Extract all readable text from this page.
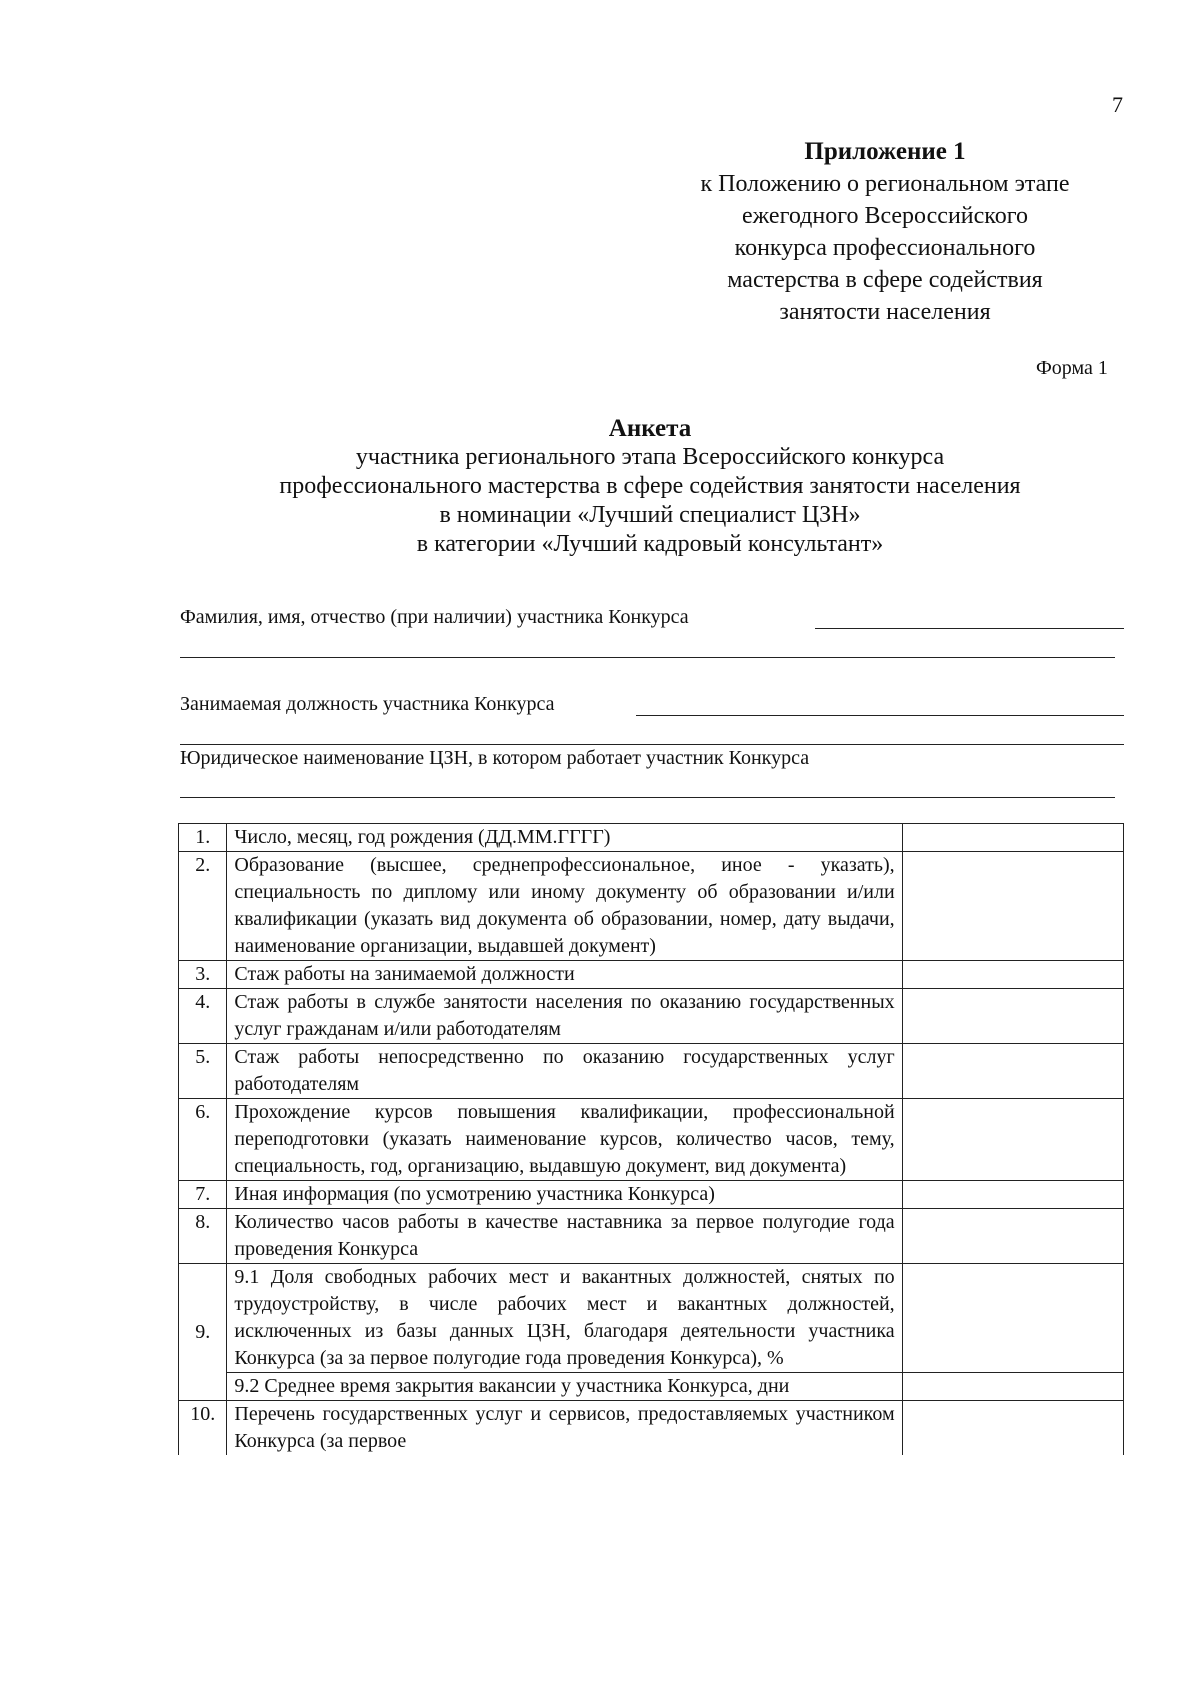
7
Приложение 1
к Положению о региональном этапе
ежегодного Всероссийского
конкурса профессионального
мастерства в сфере содействия
занятости населения
Форма 1
Анкета
участника регионального этапа Всероссийского конкурса
профессионального мастерства в сфере содействия занятости населения
в номинации «Лучший специалист ЦЗН»
в категории «Лучший кадровый консультант»
Фамилия, имя, отчество (при наличии) участника Конкурса
Занимаемая должность участника Конкурса
Юридическое наименование ЦЗН, в котором работает участник Конкурса
1.	Число, месяц, год рождения (ДД.ММ.ГГГГ)	
2.	Образование (высшее, среднепрофессиональное, иное - указать), специальность по диплому или иному документу об образовании и/или квалификации (указать вид документа об образовании, номер, дату выдачи, наименование организации, выдавшей документ)	
3.	Стаж работы на занимаемой должности	
4.	Стаж работы в службе занятости населения по оказанию государственных услуг гражданам и/или работодателям	
5.	Стаж работы непосредственно по оказанию государственных услуг работодателям	
6.	Прохождение курсов повышения квалификации, профессиональной переподготовки (указать наименование курсов, количество часов, тему, специальность, год, организацию, выдавшую документ, вид документа)	
7.	Иная информация (по усмотрению участника Конкурса)	
8.	Количество часов работы в качестве наставника за первое полугодие года проведения Конкурса	
9.	9.1 Доля свободных рабочих мест и вакантных должностей, снятых по трудоустройству, в числе рабочих мест и вакантных должностей, исключенных из базы данных ЦЗН, благодаря деятельности участника Конкурса (за за первое полугодие года проведения Конкурса), %	
	9.2 Среднее время закрытия вакансии у участника Конкурса, дни	
10.	Перечень государственных услуг и сервисов, предоставляемых участником Конкурса (за первое	
